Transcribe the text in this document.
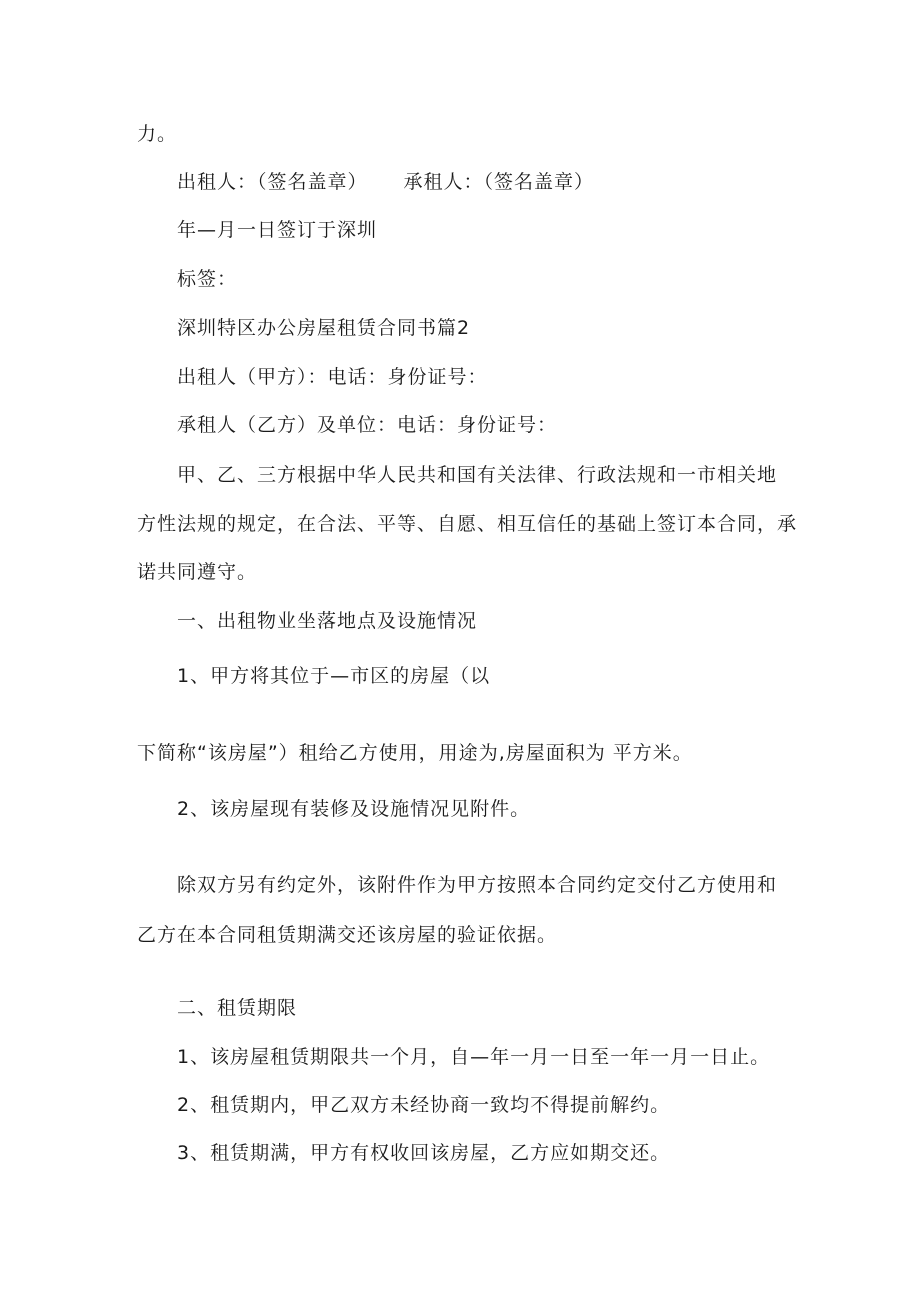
力。
出租人：（签名盖章） 承租人：（签名盖章）
年—月一日签订于深圳
标签：
深圳特区办公房屋租赁合同书篇2
出租人（甲方）：电话：身份证号：
承租人（乙方）及单位：电话：身份证号：
甲、乙、三方根据中华人民共和国有关法律、行政法规和一市相关地
方性法规的规定，在合法、平等、自愿、相互信任的基础上签订本合同，承
诺共同遵守。
一、出租物业坐落地点及设施情况
1、甲方将其位于—市区的房屋（以
下简称“该房屋”）租给乙方使用，用途为,房屋面积为 平方米。
2、该房屋现有装修及设施情况见附件。
除双方另有约定外，该附件作为甲方按照本合同约定交付乙方使用和
乙方在本合同租赁期满交还该房屋的验证依据。
二、租赁期限
1、该房屋租赁期限共一个月，自—年一月一日至一年一月一日止。
2、租赁期内，甲乙双方未经协商一致均不得提前解约。
3、租赁期满，甲方有权收回该房屋，乙方应如期交还。
